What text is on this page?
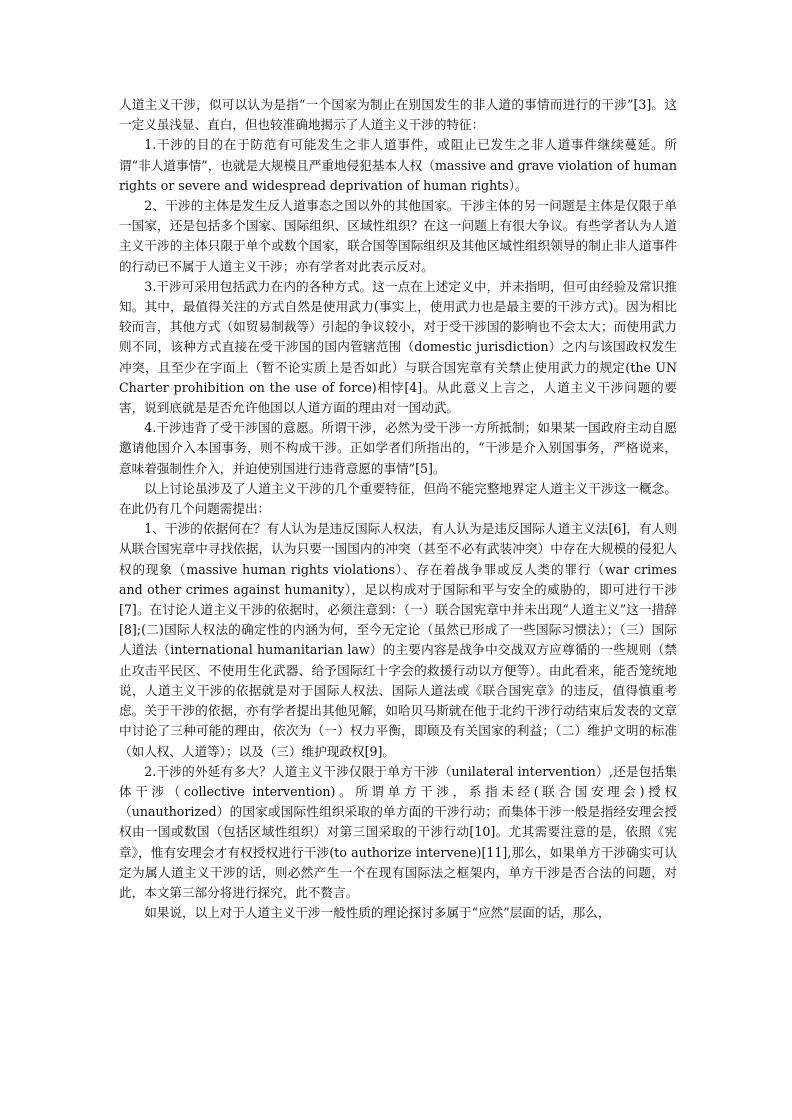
人道主义干涉，似可以认为是指“一个国家为制止在别国发生的非人道的事情而进行的干涉”[3]。这一定义虽浅显、直白，但也较准确地揭示了人道主义干涉的特征：

1.干涉的目的在于防范有可能发生之非人道事件，或阻止已发生之非人道事件继续蔓延。所谓“非人道事情”，也就是大规模且严重地侵犯基本人权（massive and grave violation of human rights or severe and widespread deprivation of human rights）。

2、干涉的主体是发生反人道事态之国以外的其他国家。干涉主体的另一问题是主体是仅限于单一国家，还是包括多个国家、国际组织、区域性组织？在这一问题上有很大争议。有些学者认为人道主义干涉的主体只限于单个或数个国家，联合国等国际组织及其他区域性组织领导的制止非人道事件的行动已不属于人道主义干涉；亦有学者对此表示反对。

3.干涉可采用包括武力在内的各种方式。这一点在上述定义中，并未指明，但可由经验及常识推知。其中，最值得关注的方式自然是使用武力(事实上，使用武力也是最主要的干涉方式)。因为相比较而言，其他方式（如贸易制裁等）引起的争议较小，对于受干涉国的影响也不会太大；而使用武力则不同，该种方式直接在受干涉国的国内管辖范围（domestic jurisdiction）之内与该国政权发生冲突，且至少在字面上（暂不论实质上是否如此）与联合国宪章有关禁止使用武力的规定(the UN Charter prohibition on the use of force)相悖[4]。从此意义上言之，人道主义干涉问题的要害，说到底就是是否允许他国以人道方面的理由对一国动武。

4.干涉违背了受干涉国的意愿。所谓干涉，必然为受干涉一方所抵制；如果某一国政府主动自愿邀请他国介入本国事务，则不构成干涉。正如学者们所指出的，“干涉是介入别国事务，严格说来，意味着强制性介入，并迫使别国进行违背意愿的事情”[5]。

以上讨论虽涉及了人道主义干涉的几个重要特征，但尚不能完整地界定人道主义干涉这一概念。在此仍有几个问题需提出：

1、干涉的依据何在？有人认为是违反国际人权法，有人认为是违反国际人道主义法[6]，有人则从联合国宪章中寻找依据，认为只要一国国内的冲突（甚至不必有武装冲突）中存在大规模的侵犯人权的现象（massive human rights violations）、存在着战争罪或反人类的罪行（war crimes and other crimes against humanity），足以构成对于国际和平与安全的威胁的，即可进行干涉[7]。在讨论人道主义干涉的依据时，必须注意到：（一）联合国宪章中并未出现“人道主义”这一措辞[8];(二)国际人权法的确定性的内涵为何，至今无定论（虽然已形成了一些国际习惯法）；（三）国际人道法（international humanitarian law）的主要内容是战争中交战双方应尊循的一些规则（禁止攻击平民区、不使用生化武器、给予国际红十字会的救援行动以方便等）。由此看来，能否笼统地说，人道主义干涉的依据就是对于国际人权法、国际人道法或《联合国宪章》的违反，值得慎重考虑。关于干涉的依据，亦有学者提出其他见解，如哈贝马斯就在他于北约干涉行动结束后发表的文章中讨论了三种可能的理由，依次为（一）权力平衡，即顾及有关国家的利益；（二）维护文明的标准（如人权、人道等）；以及（三）维护现政权[9]。

2.干涉的外延有多大？人道主义干涉仅限于单方干涉（unilateral intervention）,还是包括集体干涉（collective intervention)。所谓单方干涉，系指未经(联合国安理会)授权（unauthorized）的国家或国际性组织采取的单方面的干涉行动；而集体干涉一般是指经安理会授权由一国或数国（包括区域性组织）对第三国采取的干涉行动[10]。尤其需要注意的是，依照《宪章》，惟有安理会才有权授权进行干涉(to authorize intervene)[11],那么，如果单方干涉确实可认定为属人道主义干涉的话，则必然产生一个在现有国际法之框架内，单方干涉是否合法的问题，对此，本文第三部分将进行探究，此不赘言。

如果说，以上对于人道主义干涉一般性质的理论探讨多属于“应然”层面的话，那么，
